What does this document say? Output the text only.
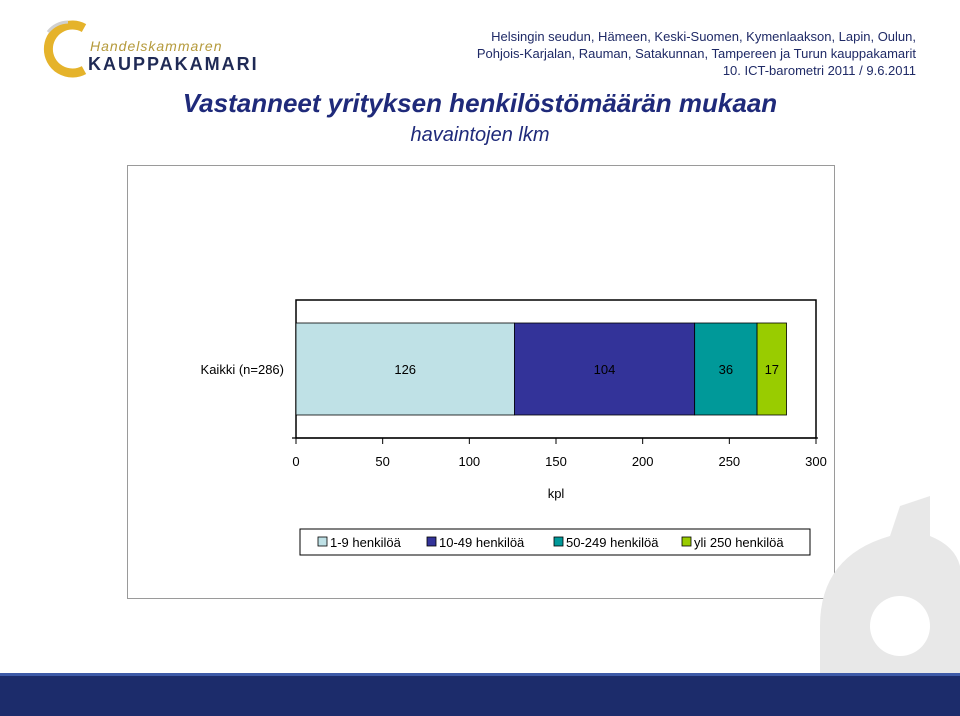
Handelskammaren
KAUPPAKAMARI
Helsingin seudun, Hämeen, Keski-Suomen, Kymenlaakson, Lapin, Oulun,
Pohjois-Karjalan, Rauman, Satakunnan, Tampereen ja Turun kauppakamarit
10. ICT-barometri 2011 / 9.6.2011
Vastanneet yrityksen henkilöstömäärän mukaan
havaintojen lkm
126	104	36 17
Kaikki (n=286)
0	50	100	150	200	250	300
kpl
1-9 henkilöä	10-49 henkilöä	50-249 henkilöä	yli 250 henkilöä
